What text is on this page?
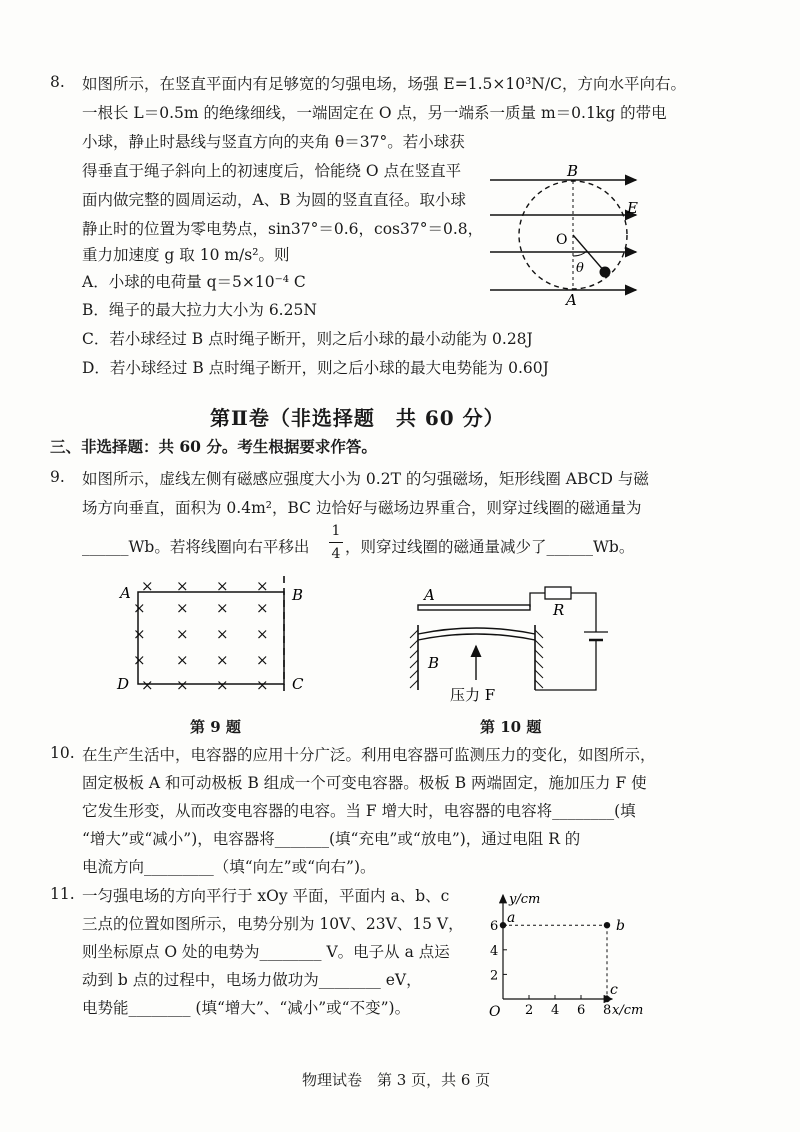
8. 如图所示，在竖直平面内有足够宽的匀强电场，场强 E=1.5×10³N/C，方向水平向右。
一根长 L＝0.5m 的绝缘细线，一端固定在 O 点，另一端系一质量 m＝0.1kg 的带电
小球，静止时悬线与竖直方向的夹角 θ＝37°。若小球获
得垂直于绳子斜向上的初速度后，恰能绕 O 点在竖直平
面内做完整的圆周运动，A、B 为圆的竖直直径。取小球
静止时的位置为零电势点，sin37°＝0.6，cos37°＝0.8，
重力加速度 g 取 10 m/s²。则
A．小球的电荷量 q＝5×10⁻⁴ C
B．绳子的最大拉力大小为 6.25N
C．若小球经过 B 点时绳子断开，则之后小球的最小动能为 0.28J
D．若小球经过 B 点时绳子断开，则之后小球的最大电势能为 0.60J
B
E
O
θ
A
第Ⅱ卷（非选择题　共 60 分）
三、非选择题：共 60 分。考生根据要求作答。
9. 如图所示，虚线左侧有磁感应强度大小为 0.2T 的匀强磁场，矩形线圈 ABCD 与磁
场方向垂直，面积为 0.4m²，BC 边恰好与磁场边界重合，则穿过线圈的磁通量为
______Wb。若将线圈向右平移出
1
4 ，则穿过线圈的磁通量减少了______Wb。
× × × ×
× × × ×
× × × ×
× × × ×
× × × ×
A	B
C
D
第 9 题
A
R
B
压力 F
第 10 题
10. 在生产生活中，电容器的应用十分广泛。利用电容器可监测压力的变化，如图所示，
固定极板 A 和可动极板 B 组成一个可变电容器。极板 B 两端固定，施加压力 F 使
它发生形变，从而改变电容器的电容。当 F 增大时，电容器的电容将________(填
“增大”或“减小”)，电容器将_______(填“充电”或“放电”)，通过电阻 R 的
电流方向_________（填“向左”或“向右”)。
11. 一匀强电场的方向平行于 xOy 平面，平面内 a、b、c
三点的位置如图所示，电势分别为 10V、23V、15 V，
则坐标原点 O 处的电势为________ V。电子从 a 点运
动到 b 点的过程中，电场力做功为________ eV，
电势能________ (填“增大”、“减小”或“不变”)。
y/cm
x/cm
O 2 4 6 8
2
4
6
a	b
c
物理试卷　第 3 页，共 6 页
